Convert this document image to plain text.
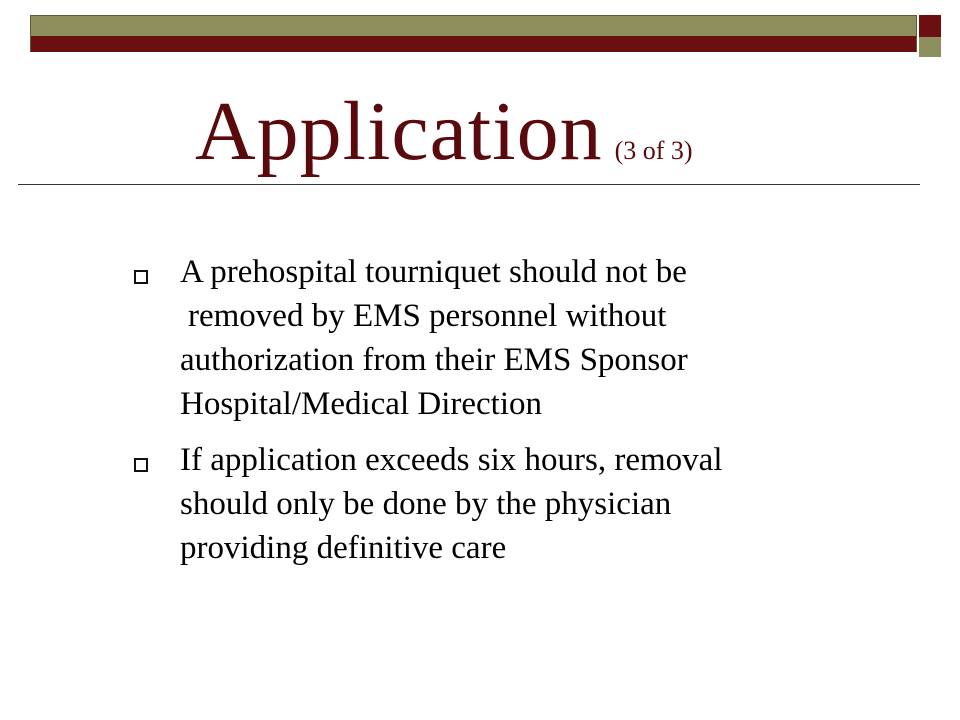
Application (3 of 3)
A prehospital tourniquet should not be
removed by EMS personnel without
authorization from their EMS Sponsor
Hospital/Medical Direction
If application exceeds six hours, removal
should only be done by the physician
providing definitive care
